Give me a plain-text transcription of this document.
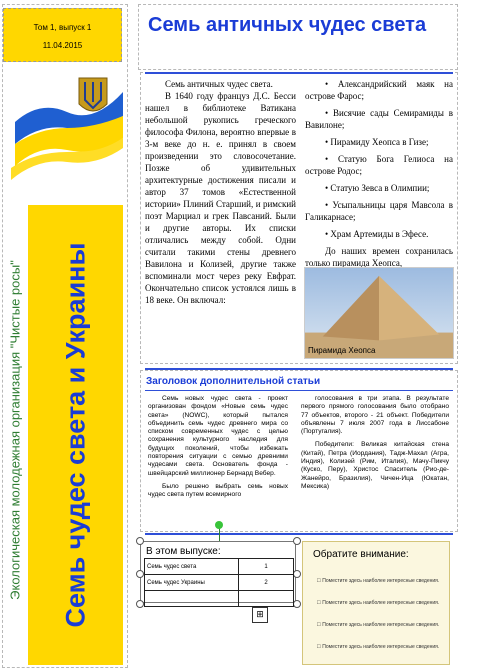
Том 1, выпуск 1
11.04.2015
Экологическая молодежная организация "Чистые росы" Семь чудес света и Украины
Семь античных чудес света

Семь античных чудес света.

В 1640 году француз Д.С. Бесси нашел в библиотеке Ватикана небольшой рукопись греческого философа Филона, вероятно впервые в 3-м веке до н. е. принял в своем произведении это словосочетание. Позже об удивительных архитектурные достижения писали и автор 37 томов «Естественной истории» Плиний Старший, и римский поэт Марциал и грек Павсаний. Были и другие авторы. Их списки отличались между собой. Одни считали такими стены древнего Вавилона и Колизей, другие также вспоминали мост через реку Евфрат. Окончательно список устоялся лишь в 18 веке. Он включал:

• Александрийский маяк на острове Фарос;
• Висячие сады Семирамиды в Вавилоне;
• Пирамиду Хеопса в Гизе;
• Статую Бога Гелиоса на острове Родос;
• Статую Зевса в Олимпии;
• Усыпальницы царя Мавсола в Галикарнасе;
• Храм Артемиды в Эфесе.

До наших времен сохранилась только пирамида Хеопса,

Пирамида Хеопса
Заголовок дополнительной статьи

Семь новых чудес света - проект организован фондом «Новые семь чудес света» (NOWC), который пытался объединить семь чудес древнего мира со списком современных чудес с целью сохранения культурного наследия для будущих поколений, чтобы избежать повторения ситуации с семью древними чудесами света. Основатель фонда - швейцарский миллионер Бернард Вебер.

Было решено выбрать семь новых чудес света путем всемирного

голосования в три этапа. В результате первого прямого голосования было отобрано 77 объектов, второго - 21 объект. Победители объявлены 7 июля 2007 года в Лиссабоне (Португалия).

Победители: Великая китайская стена (Китай), Петра (Иордания), Тадж-Махал (Агра, Индия), Колизей (Рим, Италия), Мачу-Пикчу (Куско, Перу), Христос Спаситель (Рио-де-Жанейро, Бразилия), Чичен-Ица (Юкатан, Мексика)

В этом выпуске:
Семь чудес света	1
Семь чудес Украины	2

⊞
Обратите внимание:
□ Поместите здесь наиболее интересные сведения.
□ Поместите здесь наиболее интересные сведения.
□ Поместите здесь наиболее интересные сведения.
□ Поместите здесь наиболее интересные сведения.
